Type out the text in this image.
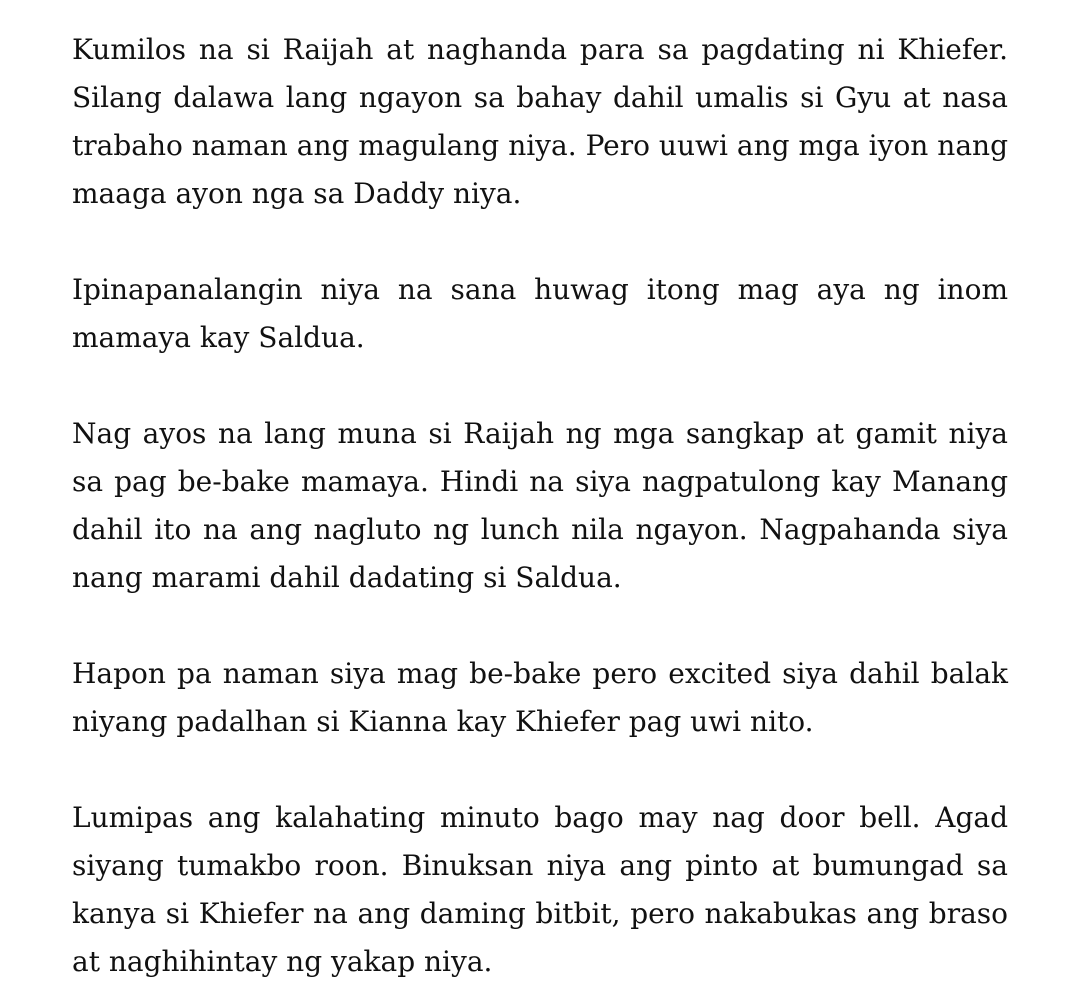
Kumilos na si Raijah at naghanda para sa pagdating ni Khiefer. Silang dalawa lang ngayon sa bahay dahil umalis si Gyu at nasa trabaho naman ang magulang niya. Pero uuwi ang mga iyon nang maaga ayon nga sa Daddy niya.

Ipinapanalangin niya na sana huwag itong mag aya ng inom mamaya kay Saldua.

Nag ayos na lang muna si Raijah ng mga sangkap at gamit niya sa pag be-bake mamaya. Hindi na siya nagpatulong kay Manang dahil ito na ang nagluto ng lunch nila ngayon. Nagpahanda siya nang marami dahil dadating si Saldua.

Hapon pa naman siya mag be-bake pero excited siya dahil balak niyang padalhan si Kianna kay Khiefer pag uwi nito.

Lumipas ang kalahating minuto bago may nag door bell. Agad siyang tumakbo roon. Binuksan niya ang pinto at bumungad sa kanya si Khiefer na ang daming bitbit, pero nakabukas ang braso at naghihintay ng yakap niya.
